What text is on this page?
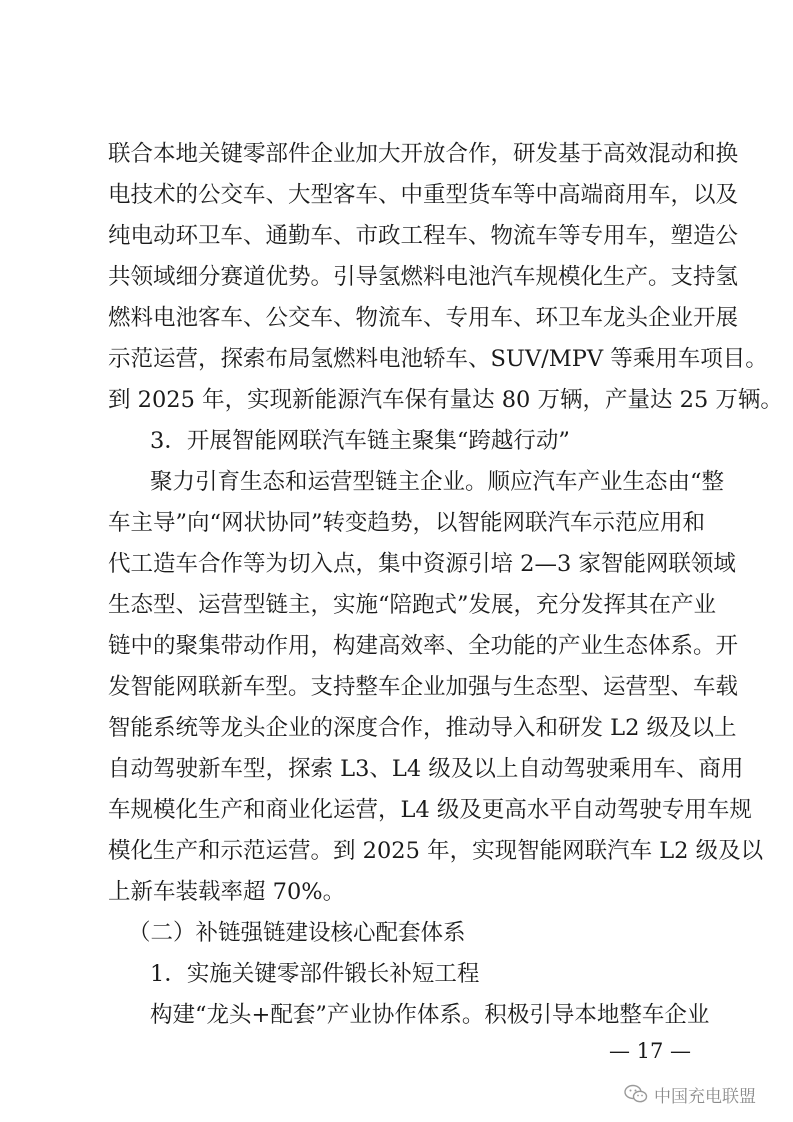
联合本地关键零部件企业加大开放合作，研发基于高效混动和换
电技术的公交车、大型客车、中重型货车等中高端商用车，以及
纯电动环卫车、通勤车、市政工程车、物流车等专用车，塑造公
共领域细分赛道优势。引导氢燃料电池汽车规模化生产。支持氢
燃料电池客车、公交车、物流车、专用车、环卫车龙头企业开展
示范运营，探索布局氢燃料电池轿车、SUV/MPV 等乘用车项目。
到 2025 年，实现新能源汽车保有量达 80 万辆，产量达 25 万辆。
3．开展智能网联汽车链主聚集“跨越行动”
聚力引育生态和运营型链主企业。顺应汽车产业生态由“整
车主导”向“网状协同”转变趋势，以智能网联汽车示范应用和
代工造车合作等为切入点，集中资源引培 2—3 家智能网联领域
生态型、运营型链主，实施“陪跑式”发展，充分发挥其在产业
链中的聚集带动作用，构建高效率、全功能的产业生态体系。开
发智能网联新车型。支持整车企业加强与生态型、运营型、车载
智能系统等龙头企业的深度合作，推动导入和研发 L2 级及以上
自动驾驶新车型，探索 L3、L4 级及以上自动驾驶乘用车、商用
车规模化生产和商业化运营，L4 级及更高水平自动驾驶专用车规
模化生产和示范运营。到 2025 年，实现智能网联汽车 L2 级及以
上新车装载率超 70%。
（二）补链强链建设核心配套体系
1．实施关键零部件锻长补短工程
构建“龙头+配套”产业协作体系。积极引导本地整车企业
— 17 —
中国充电联盟
